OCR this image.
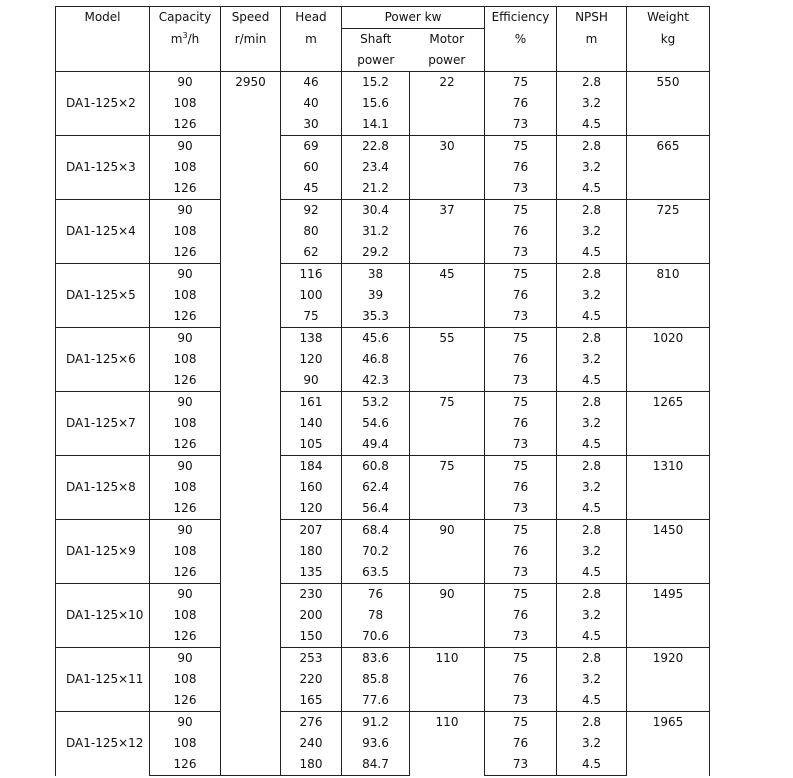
Model	Capacity	Speed	Head	Power kw		Efficiency	NPSH	Weight
	$m^3/h$	r/min	m	Shaft	Motor	%	m	kg
				power	power			
DA1-125×2	90	2950	46	15.2	22	75	2.8	550
	108		40	15.6		76	3.2	
	126		30	14.1		73	4.5	
DA1-125×3	90		69	22.8	30	75	2.8	665
	108		60	23.4		76	3.2	
	126		45	21.2		73	4.5	
DA1-125×4	90		92	30.4	37	75	2.8	725
	108		80	31.2		76	3.2	
	126		62	29.2		73	4.5	
DA1-125×5	90		116	38	45	75	2.8	810
	108		100	39		76	3.2	
	126		75	35.3		73	4.5	
DA1-125×6	90		138	45.6	55	75	2.8	1020
	108		120	46.8		76	3.2	
	126		90	42.3		73	4.5	
DA1-125×7	90		161	53.2	75	75	2.8	1265
	108		140	54.6		76	3.2	
	126		105	49.4		73	4.5	
DA1-125×8	90		184	60.8	75	75	2.8	1310
	108		160	62.4		76	3.2	
	126		120	56.4		73	4.5	
DA1-125×9	90		207	68.4	90	75	2.8	1450
	108		180	70.2		76	3.2	
	126		135	63.5		73	4.5	
DA1-125×10	90		230	76	90	75	2.8	1495
	108		200	78		76	3.2	
	126		150	70.6		73	4.5	
DA1-125×11	90		253	83.6	110	75	2.8	1920
	108		220	85.8		76	3.2	
	126		165	77.6		73	4.5	
DA1-125×12	90		276	91.2	110	75	2.8	1965
	108		240	93.6		76	3.2	
	126		180	84.7		73	4.5	
